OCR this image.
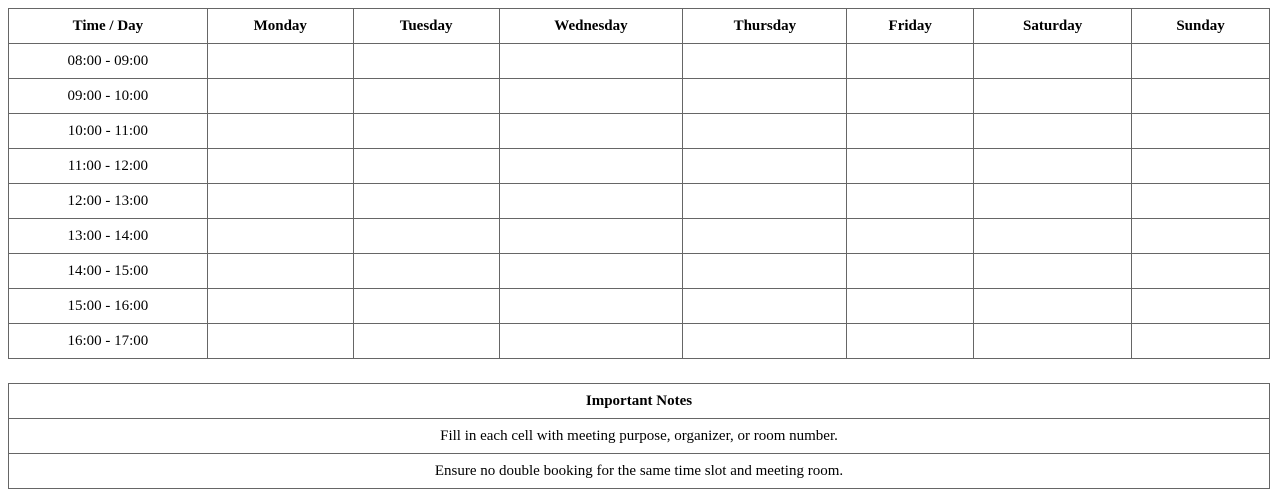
Time / Day	Monday	Tuesday	Wednesday	Thursday	Friday	Saturday	Sunday
08:00 - 09:00							
09:00 - 10:00							
10:00 - 11:00							
11:00 - 12:00							
12:00 - 13:00							
13:00 - 14:00							
14:00 - 15:00							
15:00 - 16:00							
16:00 - 17:00							
Important Notes
Fill in each cell with meeting purpose, organizer, or room number.
Ensure no double booking for the same time slot and meeting room.
